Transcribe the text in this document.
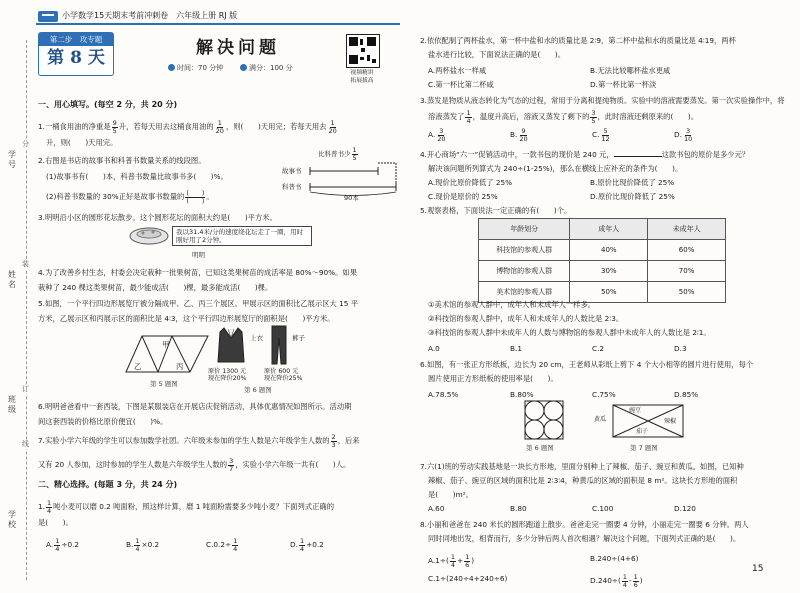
学号
姓名
班级
学校
分
装
订
线
小学数学15天期末考前冲刺卷　六年级上册 RJ 版
第二步　攻专题
第 8 天	解决问题
时间：70 分钟	满分：100 分
视频精讲
拓展拔高
一、用心填写。(每空 2 分，共 20 分)
1.一桶食用油的净重是 $\frac{9}{5}$ 升，若每天用去这桶食用油的 $\frac{1}{20}$ ，则(　　)天用完；若每天用去 $\frac{1}{20}$
升，则(　　)天用完。
2.右图是书店的故事书和科普书数量关系的线段图。
(1)故事书有(　　)本，科普书数量比故事书多(　　)%。
(2)科普书数量的 30%正好是故事书数量的 $\frac{( )}{( )}$ 。
比科普书少 $\frac{1}{5}$
故事书
科普书
90本
3.明明沿小区的圆形花坛散步。这个圆形花坛的面积大约是(　　)平方米。
我以31.4米/分的速度绕花坛走了一圈，用时刚好用了2分钟。
明明
4.为了改善乡村生态，村委会决定栽种一批果树苗，已知这类果树苗的成活率是 80%～90%。如果
栽种了 240 棵这类果树苗，最少能成活(　　)棵，最多能成活(　　)棵。
5.如图，一个平行四边形展览厅被分隔成甲、乙、丙三个展区。甲展示区的面积比乙展示区大 15 平
方米，乙展示区和丙展示区的面积比是 4∶3，这个平行四边形展览厅的面积是(　　)平方米。
甲
乙	丙
第 5 题图
上衣	裤子
原价 1300 元
现在降价20%
原价 600 元
现在降价25%
第 6 题图
6.明明爸爸看中一套西装，下图是某服装店在开展店庆促销活动，具体优惠情况如图所示。活动期
间这套西装的价格比原价便宜(　　)%。
7.实验小学六年级的学生可以参加数学社团。六年级未参加的学生人数是六年级学生人数的 $\frac{2}{3}$ ，后来
又有 20 人参加，这时参加的学生人数是六年级学生人数的 $\frac{3}{7}$ ，实验小学六年级一共有(　　)人。
二、精心选择。(每题 3 分，共 24 分)
1. $\frac{1}{4}$ 吨小麦可以磨 0.2 吨面粉，照这样计算，磨 1 吨面粉需要多少吨小麦？下面列式正确的
是(　　)。
A. $\frac{1}{4} \div 0.2$	B. $\frac{1}{4} \times 0.2$	$C.0.2\div \frac{1}{4}$	D. $\frac{1}{4} +0.2$
2.依依配制了两杯盐水，第一杯中盐和水的质量比是 2∶9，第二杯中盐和水的质量比是 4∶19，两杯
盐水进行比较，下面说法正确的是(　　)。
A.两杯盐水一样咸	B.无法比较哪杯盐水更咸
C.第一杯比第二杯咸	D.第一杯比第一杯淡
3.蒸发是物质从液态转化为气态的过程，常用于分离和提纯物质。实验中的溶液需要蒸发。第一次实验操作中，将
溶液蒸发了 $\frac{1}{4}$ ，温度升高后，溶液又蒸发了剩下的 $\frac{3}{5}$ ，此时溶液还剩原来的(　　)。
A. $\frac{3}{20}$	B. $\frac{9}{20}$	C. $\frac{5}{12}$	D. $\frac{3}{10}$
4.开心商场“六一”促销活动中，一款书包的现价是 240 元，	这款书包的原价是多少元？
解决该问题所列算式为 240÷(1-25%)，那么在横线上应补充的条件为(　　)。
A.现价比原价降低了 25%	B.原价比现价降低了 25%
C.现价是原价的 25%	D.原价比现价降低了 25%
5.观察表格，下面说法一定正确的有(　　)个。
年龄划分	成年人	未成年人
科技馆的参观人群	40%	60%
博物馆的参观人群	30%	70%
美术馆的参观人群	50%	50%
①美术馆的参观人群中，成年人和未成年人一样多。
②科技馆的参观人群中，成年人和未成年人的人数比是 2∶3。
③科技馆的参观人群中未成年人的人数与博物馆的参观人群中未成年人的人数比是 2∶1。
A.0	B.1	C.2	D.3
6.如图，有一张正方形纸板，边长为 20 cm，王老师从彩纸上剪下 4 个大小相等的圆片进行使用，每个
圆片使用正方形纸板的使用率是(　　)。
A.78.5%	B.80%	C.75%	D.85%
第 6 题图
豌豆
辣椒
黄瓜
茄子
第 7 题图
7.六(1)班的劳动实践基地是一块长方形地，里面分别种上了辣椒、茄子、豌豆和黄瓜。如图，已知种
辣椒、茄子、豌豆的区域的面积比是 2∶3∶4，种黄瓜的区域的面积是 8 m²。这块长方形地的面积
是(　　)m²。
A.60	B.80	C.100	D.120
8.小丽和爸爸在 240 米长的圆形跑道上散步。爸爸走完一圈要 4 分钟，小丽走完一圈要 6 分钟。两人
同时同地出发，相背而行，多少分钟后两人首次相遇？解决这个问题，下面列式正确的是(　　)。
$A.1\div( \frac{1}{4} + \frac{1}{6}$ )	B.240÷(4+6)
C.1÷(240÷4+240÷6)	$D.240\div( \frac{1}{4} - \frac{1}{6}$ )
15
